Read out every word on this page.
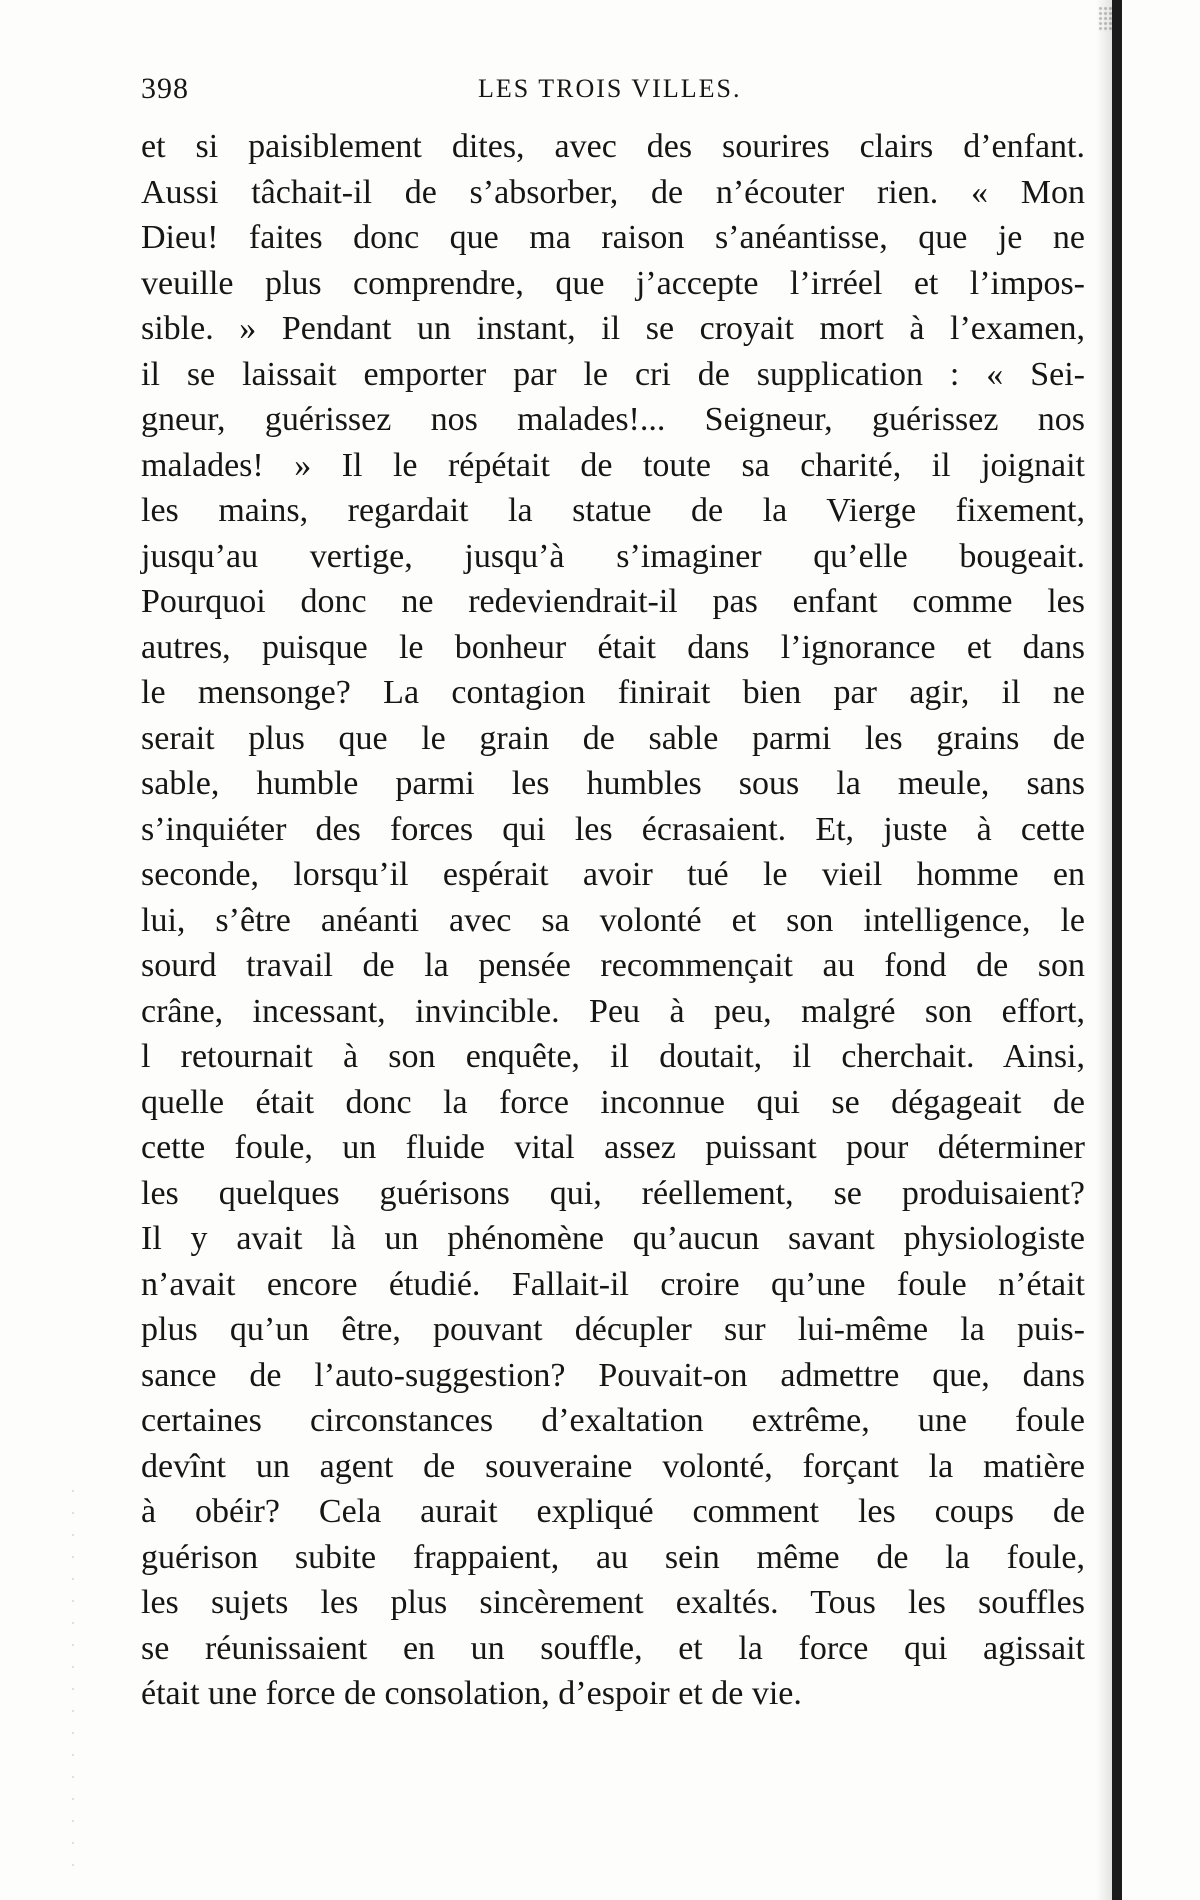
398	LES TROIS VILLES.
et si paisiblement dites, avec des sourires clairs d’enfant.
Aussi tâchait-il de s’absorber, de n’écouter rien. « Mon
Dieu! faites donc que ma raison s’anéantisse, que je ne
veuille plus comprendre, que j’accepte l’irréel et l’impos-
sible. » Pendant un instant, il se croyait mort à l’examen,
il se laissait emporter par le cri de supplication : « Sei-
gneur, guérissez nos malades!... Seigneur, guérissez nos
malades! » Il le répétait de toute sa charité, il joignait
les mains, regardait la statue de la Vierge fixement,
jusqu’au vertige, jusqu’à s’imaginer qu’elle bougeait.
Pourquoi donc ne redeviendrait-il pas enfant comme les
autres, puisque le bonheur était dans l’ignorance et dans
le mensonge? La contagion finirait bien par agir, il ne
serait plus que le grain de sable parmi les grains de
sable, humble parmi les humbles sous la meule, sans
s’inquiéter des forces qui les écrasaient. Et, juste à cette
seconde, lorsqu’il espérait avoir tué le vieil homme en
lui, s’être anéanti avec sa volonté et son intelligence, le
sourd travail de la pensée recommençait au fond de son
crâne, incessant, invincible. Peu à peu, malgré son effort,
l retournait à son enquête, il doutait, il cherchait. Ainsi,
quelle était donc la force inconnue qui se dégageait de
cette foule, un fluide vital assez puissant pour déterminer
les quelques guérisons qui, réellement, se produisaient?
Il y avait là un phénomène qu’aucun savant physiologiste
n’avait encore étudié. Fallait-il croire qu’une foule n’était
plus qu’un être, pouvant décupler sur lui-même la puis-
sance de l’auto-suggestion? Pouvait-on admettre que, dans
certaines circonstances d’exaltation extrême, une foule
devînt un agent de souveraine volonté, forçant la matière
à obéir? Cela aurait expliqué comment les coups de
guérison subite frappaient, au sein même de la foule,
les sujets les plus sincèrement exaltés. Tous les souffles
se réunissaient en un souffle, et la force qui agissait
était une force de consolation, d’espoir et de vie.
